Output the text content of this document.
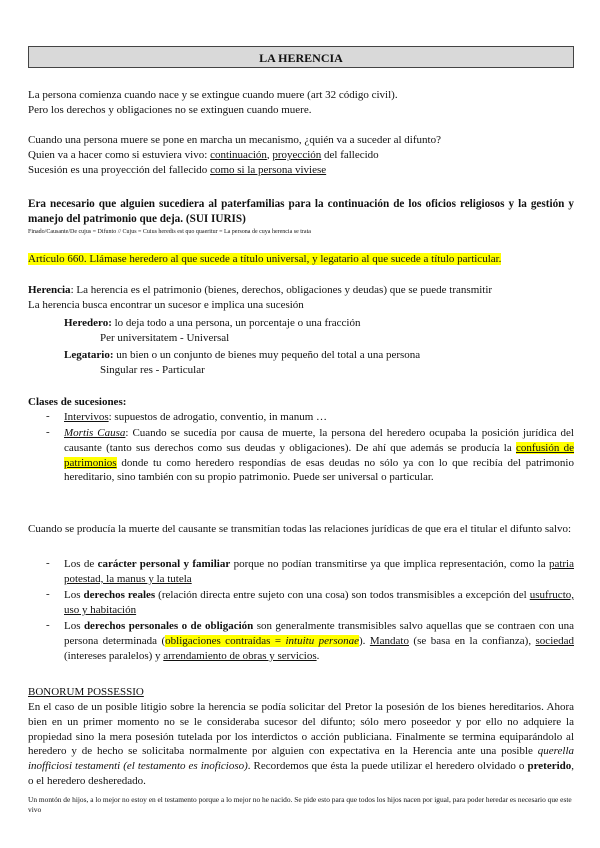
LA HERENCIA
La persona comienza cuando nace y se extingue cuando muere (art 32 código civil).
Pero los derechos y obligaciones no se extinguen cuando muere.
Cuando una persona muere se pone en marcha un mecanismo, ¿quién va a suceder al difunto?
Quien va a hacer como si estuviera vivo: continuación, proyección del fallecido
Sucesión es una proyección del fallecido como si la persona viviese
Era necesario que alguien sucediera al paterfamilias para la continuación de los oficios religiosos y la gestión y manejo del patrimonio que deja. (SUI IURIS)
Finado/Causante/De cujus = Difunto // Cujus = Cuius heredis est quo quaeritur = La persona de cuya herencia se trata
Artículo 660. Llámase heredero al que sucede a título universal, y legatario al que sucede a título particular.
Herencia: La herencia es el patrimonio (bienes, derechos, obligaciones y deudas) que se puede transmitir
La herencia busca encontrar un sucesor e implica una sucesión
Heredero: lo deja todo a una persona, un porcentaje o una fracción
Per universitatem - Universal
Legatario: un bien o un conjunto de bienes muy pequeño del total a una persona
Singular res - Particular
Clases de sucesiones:
- Intervivos: supuestos de adrogatio, conventio, in manum …
- Mortis Causa: Cuando se sucedía por causa de muerte, la persona del heredero ocupaba la posición jurídica del causante (tanto sus derechos como sus deudas y obligaciones). De ahí que además se producía la confusión de patrimonios donde tu como heredero respondías de esas deudas no sólo ya con lo que recibía del patrimonio hereditario, sino también con su propio patrimonio. Puede ser universal o particular.
Cuando se producía la muerte del causante se transmitían todas las relaciones jurídicas de que era el titular el difunto salvo:
- Los de carácter personal y familiar porque no podían transmitirse ya que implica representación, como la patria potestad, la manus y la tutela
- Los derechos reales (relación directa entre sujeto con una cosa) son todos transmisibles a excepción del usufructo, uso y habitación
- Los derechos personales o de obligación son generalmente transmisibles salvo aquellas que se contraen con una persona determinada (obligaciones contraídas = intuitu personae). Mandato (se basa en la confianza), sociedad (intereses paralelos) y arrendamiento de obras y servicios.
BONORUM POSSESSIO
En el caso de un posible litigio sobre la herencia se podía solicitar del Pretor la posesión de los bienes hereditarios. Ahora bien en un primer momento no se le consideraba sucesor del difunto; sólo mero poseedor y por ello no adquiere la propiedad sino la mera posesión tutelada por los interdictos o acción publiciana. Finalmente se termina equiparándolo al heredero y de hecho se solicitaba normalmente por alguien con expectativa en la Herencia ante una posible querella inofficiosi testamenti (el testamento es inoficioso). Recordemos que ésta la puede utilizar el heredero olvidado o preterido, o el heredero desheredado.
Un montón de hijos, a lo mejor no estoy en el testamento porque a lo mejor no he nacido. Se pide esto para que todos los hijos nacen por igual, para poder heredar es necesario que este vivo
